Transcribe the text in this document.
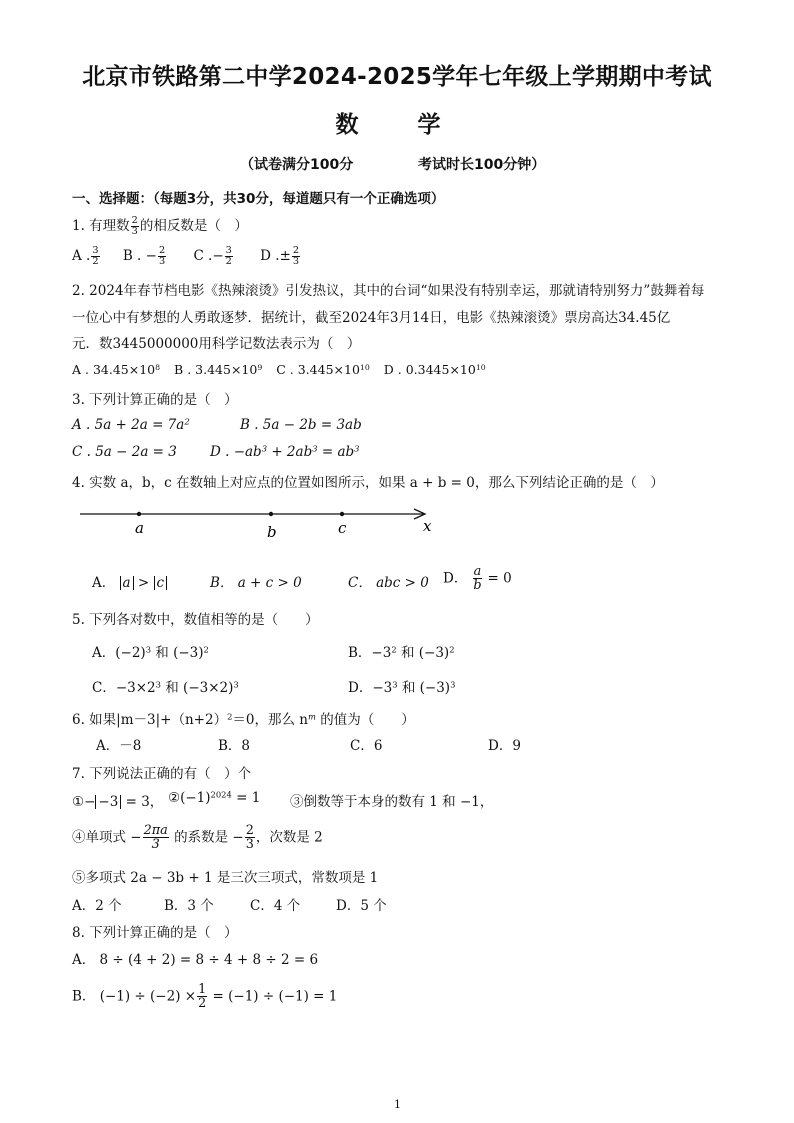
北京市铁路第二中学2024-2025学年七年级上学期期中考试
数　学
（试卷满分100分	考试时长100分钟）
一、选择题：（每题3分，共30分，每道题只有一个正确选项）
1. 有理数 $\frac{2}{3}$ 的相反数是（　）
A . $\frac{3}{2}$ B . − $\frac{2}{3}$ C .− $\frac{3}{2}$ D .± $\frac{2}{3}$
2. 2024年春节档电影《热辣滚烫》引发热议，其中的台词“如果没有特别幸运，那就请特别努力”鼓舞着每
一位心中有梦想的人勇敢逐梦．据统计，截至2024年3月14日，电影《热辣滚烫》票房高达34.45亿
元．数3445000000用科学记数法表示为（　）
A . $34.45\times 10^8$ B . $3.445\times 10^9$ C . $3.445\times 10^{10}$ D . $0.3445\times 10^{10}$
3. 下列计算正确的是（　）
A . $5a + 2a = 7a^2$	B . 5a − 2b = 3ab
C . 5a − 2a = 3 D . $-ab^3 + 2ab^3 = ab^3$
4. 实数 a，b，c 在数轴上对应点的位置如图所示，如果 a + b = 0，那么下列结论正确的是（　）
a	b	c	x
A． a > c	B． a + c > 0	C． abc > 0 D． $\frac{a}{b} = 0$
5. 下列各对数中，数值相等的是（　　）
A．$(-2)^3$ 和 $(-3)^2$	B．$-3^2$ 和 $(-3)^2$
C．$-3\times 2^3$ 和 $(-3\times 2)^3$	D．$-3^3$ 和 $(-3)^3$
6. 如果$|m-3|+(n+2)^2=0$，那么 $n^m$ 的值为（　　）
A．－8	B．8	C．6	D．9
7. 下列说法正确的有（　）个
①− −3 = 3， $②(-1)^{2024} = 1$ ③倒数等于本身的数有 1 和 −1，
④单项式 − $\frac{2\pi a}{3}$ 的系数是 − $\frac{2}{3}$ ，次数是 2
⑤多项式 2a − 3b + 1 是三次三项式，常数项是 1
A．2 个	B．3 个	C．4 个	D．5 个
8. 下列计算正确的是（　）
A． 8 ÷ (4 + 2) = 8 ÷ 4 + 8 ÷ 2 = 6
B． $(-1) \div (-2) \times \frac{1}{2} = (-1) \div (-1) = 1$
1
